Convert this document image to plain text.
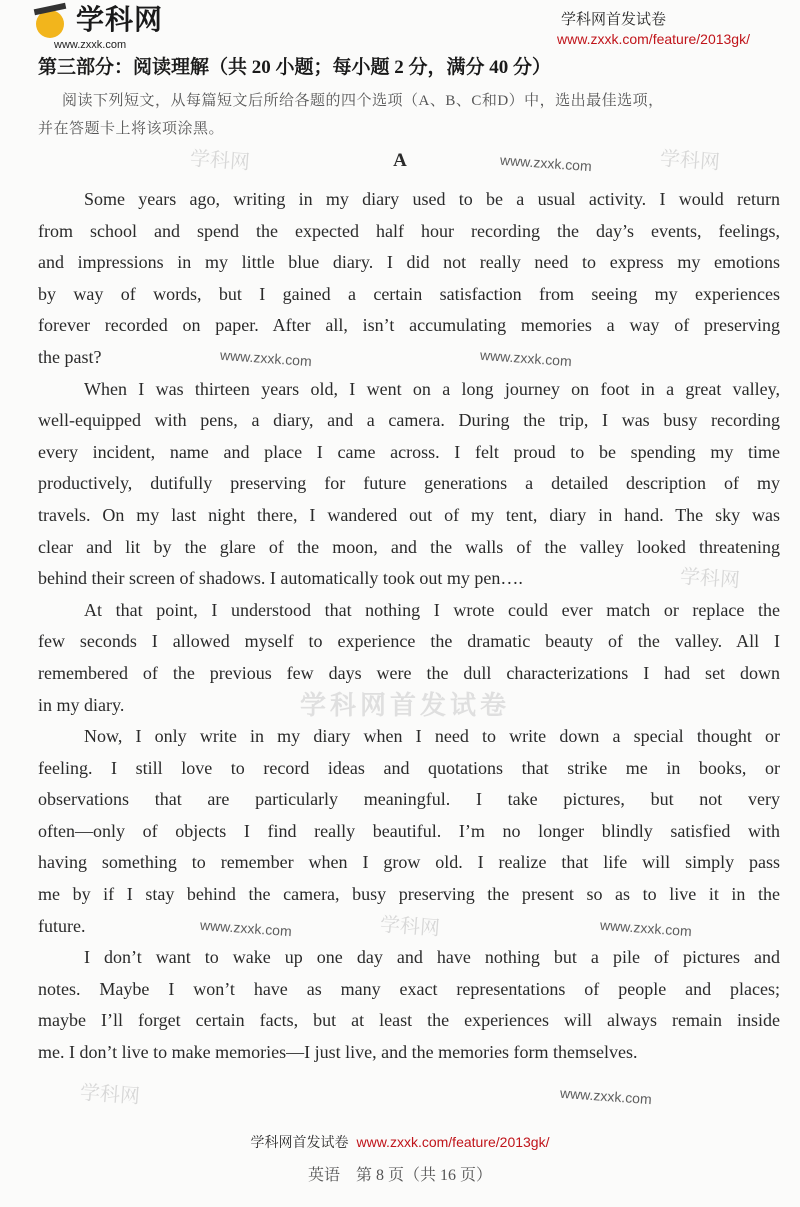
学科网
www.zxxk.com
学科网首发试卷
www.zxxk.com/feature/2013gk/
第三部分：阅读理解（共 20 小题；每小题 2 分，满分 40 分）
阅读下列短文，从每篇短文后所给各题的四个选项（A、B、C和D）中，选出最佳选项，
并在答题卡上将该项涂黑。
A
Some years ago, writing in my diary used to be a usual activity. I would return
from school and spend the expected half hour recording the day’s events, feelings,
and impressions in my little blue diary. I did not really need to express my emotions
by way of words, but I gained a certain satisfaction from seeing my experiences
forever recorded on paper. After all, isn’t accumulating memories a way of preserving
the past?
When I was thirteen years old, I went on a long journey on foot in a great valley,
well-equipped with pens, a diary, and a camera. During the trip, I was busy recording
every incident, name and place I came across. I felt proud to be spending my time
productively, dutifully preserving for future generations a detailed description of my
travels. On my last night there, I wandered out of my tent, diary in hand. The sky was
clear and lit by the glare of the moon, and the walls of the valley looked threatening
behind their screen of shadows. I automatically took out my pen….
At that point, I understood that nothing I wrote could ever match or replace the
few seconds I allowed myself to experience the dramatic beauty of the valley. All I
remembered of the previous few days were the dull characterizations I had set down
in my diary.
Now, I only write in my diary when I need to write down a special thought or
feeling. I still love to record ideas and quotations that strike me in books, or
observations that are particularly meaningful. I take pictures, but not very
often—only of objects I find really beautiful. I’m no longer blindly satisfied with
having something to remember when I grow old. I realize that life will simply pass
me by if I stay behind the camera, busy preserving the present so as to live it in the
future.
I don’t want to wake up one day and have nothing but a pile of pictures and
notes. Maybe I won’t have as many exact representations of people and places;
maybe I’ll forget certain facts, but at least the experiences will always remain inside
me. I don’t live to make memories—I just live, and the memories form themselves.
学科网	www.zxxk.com	学科网
www.zxxk.com	www.zxxk.com
学科网
学科网首发试卷
www.zxxk.com	学科网	www.zxxk.com
学科网	www.zxxk.com
学科网首发试卷 www.zxxk.com/feature/2013gk/
英语　第 8 页（共 16 页）
